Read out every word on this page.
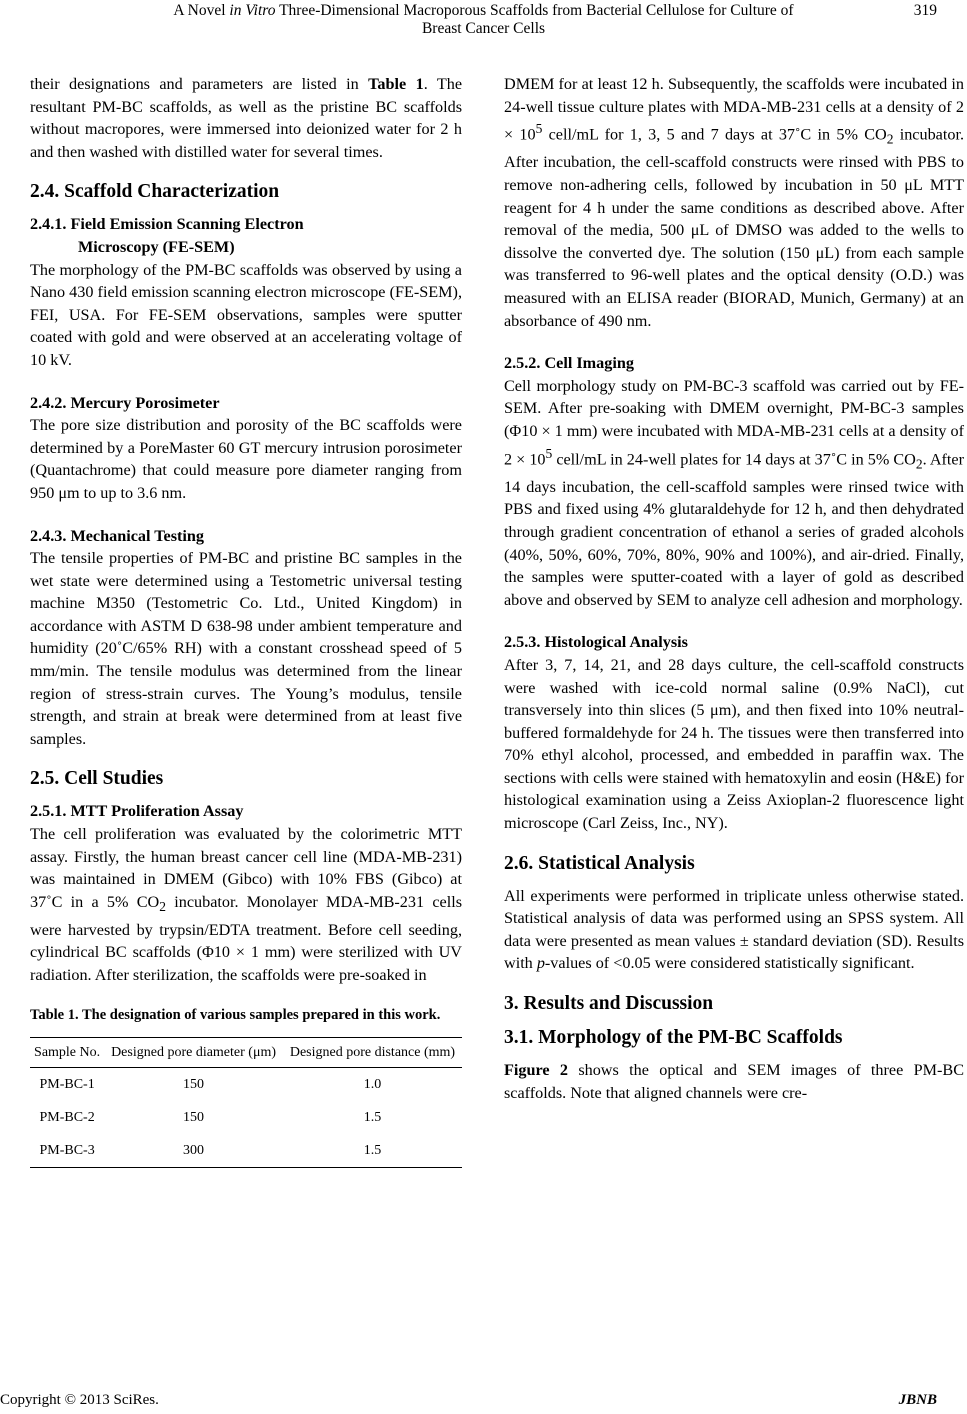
A Novel in Vitro Three-Dimensional Macroporous Scaffolds from Bacterial Cellulose for Culture of
Breast Cancer Cells
319

their designations and parameters are listed in Table 1. The resultant PM-BC scaffolds, as well as the pristine BC scaffolds without macropores, were immersed into deionized water for 2 h and then washed with distilled water for several times.

2.4. Scaffold Characterization
2.4.1. Field Emission Scanning Electron
Microscopy (FE-SEM)

The morphology of the PM-BC scaffolds was observed by using a Nano 430 field emission scanning electron microscope (FE-SEM), FEI, USA. For FE-SEM observations, samples were sputter coated with gold and were observed at an accelerating voltage of 10 kV.

2.4.2. Mercury Porosimeter

The pore size distribution and porosity of the BC scaffolds were determined by a PoreMaster 60 GT mercury intrusion porosimeter (Quantachrome) that could measure pore diameter ranging from 950 μm to up to 3.6 nm.

2.4.3. Mechanical Testing

The tensile properties of PM-BC and pristine BC samples in the wet state were determined using a Testometric universal testing machine M350 (Testometric Co. Ltd., United Kingdom) in accordance with ASTM D 638-98 under ambient temperature and humidity (20˚C/65% RH) with a constant crosshead speed of 5 mm/min. The tensile modulus was determined from the linear region of stress-strain curves. The Young’s modulus, tensile strength, and strain at break were determined from at least five samples.

2.5. Cell Studies
2.5.1. MTT Proliferation Assay

The cell proliferation was evaluated by the colorimetric MTT assay. Firstly, the human breast cancer cell line (MDA-MB-231) was maintained in DMEM (Gibco) with 10% FBS (Gibco) at 37˚C in a 5% $CO_2$ incubator. Monolayer MDA-MB-231 cells were harvested by trypsin/EDTA treatment. Before cell seeding, cylindrical BC scaffolds (Φ10 × 1 mm) were sterilized with UV radiation. After sterilization, the scaffolds were pre-soaked in

Table 1. The designation of various samples prepared in this work.
Sample No.	Designed pore diameter (μm)	Designed pore distance (mm)
PM-BC-1	150	1.0
PM-BC-2	150	1.5
PM-BC-3	300	1.5

DMEM for at least 12 h. Subsequently, the scaffolds were incubated in 24-well tissue culture plates with MDA-MB-231 cells at a density of $2 \times 10^5$ cell/mL for 1, 3, 5 and 7 days at 37˚C in 5% $CO_2$ incubator. After incubation, the cell-scaffold constructs were rinsed with PBS to remove non-adhering cells, followed by incubation in 50 μL MTT reagent for 4 h under the same conditions as described above. After removal of the media, 500 μL of DMSO was added to the wells to dissolve the converted dye. The solution (150 μL) from each sample was transferred to 96-well plates and the optical density (O.D.) was measured with an ELISA reader (BIORAD, Munich, Germany) at an absorbance of 490 nm.

2.5.2. Cell Imaging

Cell morphology study on PM-BC-3 scaffold was carried out by FE-SEM. After pre-soaking with DMEM overnight, PM-BC-3 samples (Φ10 × 1 mm) were incubated with MDA-MB-231 cells at a density of $2 \times 10^5$ cell/mL in 24-well plates for 14 days at 37˚C in 5% $CO_2$. After 14 days incubation, the cell-scaffold samples were rinsed twice with PBS and fixed using 4% glutaraldehyde for 12 h, and then dehydrated through gradient concentration of ethanol a series of graded alcohols (40%, 50%, 60%, 70%, 80%, 90% and 100%), and air-dried. Finally, the samples were sputter-coated with a layer of gold as described above and observed by SEM to analyze cell adhesion and morphology.

2.5.3. Histological Analysis

After 3, 7, 14, 21, and 28 days culture, the cell-scaffold constructs were washed with ice-cold normal saline (0.9% NaCl), cut transversely into thin slices (5 μm), and then fixed into 10% neutral-buffered formaldehyde for 24 h. The tissues were then transferred into 70% ethyl alcohol, processed, and embedded in paraffin wax. The sections with cells were stained with hematoxylin and eosin (H&E) for histological examination using a Zeiss Axioplan-2 fluorescence light microscope (Carl Zeiss, Inc., NY).

2.6. Statistical Analysis

All experiments were performed in triplicate unless otherwise stated. Statistical analysis of data was performed using an SPSS system. All data were presented as mean values ± standard deviation (SD). Results with p-values of <0.05 were considered statistically significant.

3. Results and Discussion
3.1. Morphology of the PM-BC Scaffolds

Figure 2 shows the optical and SEM images of three PM-BC scaffolds. Note that aligned channels were cre-

Copyright © 2013 SciRes.	JBNB
